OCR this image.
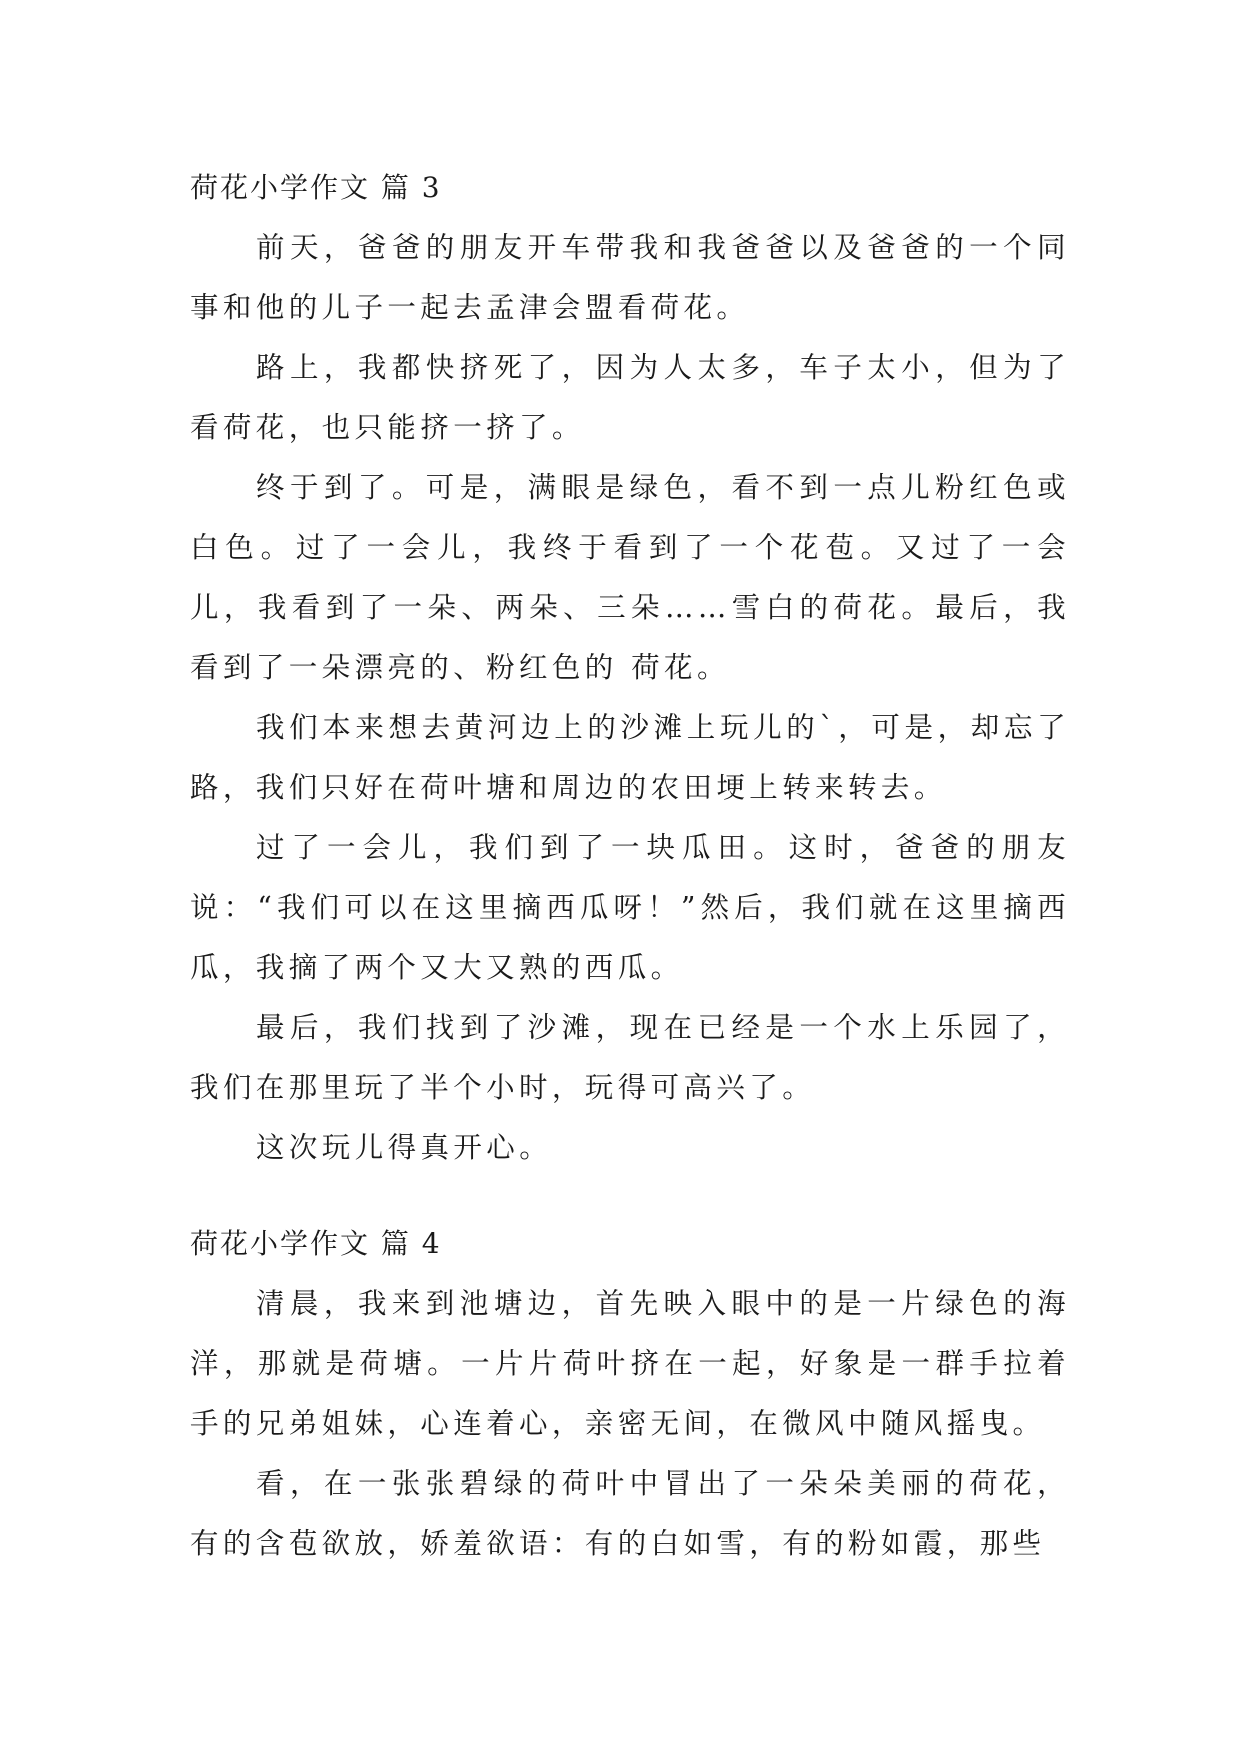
荷花小学作文 篇 3

前天，爸爸的朋友开车带我和我爸爸以及爸爸的一个同事和他的儿子一起去孟津会盟看荷花。

路上，我都快挤死了，因为人太多，车子太小，但为了看荷花，也只能挤一挤了。

终于到了。可是，满眼是绿色，看不到一点儿粉红色或白色。过了一会儿，我终于看到了一个花苞。又过了一会儿，我看到了一朵、两朵、三朵……雪白的荷花。最后，我看到了一朵漂亮的、粉红色的 荷花。

我们本来想去黄河边上的沙滩上玩儿的`，可是，却忘了路，我们只好在荷叶塘和周边的农田埂上转来转去。

过了一会儿，我们到了一块瓜田。这时，爸爸的朋友说：“我们可以在这里摘西瓜呀！”然后，我们就在这里摘西瓜，我摘了两个又大又熟的西瓜。

最后，我们找到了沙滩，现在已经是一个水上乐园了，我们在那里玩了半个小时，玩得可高兴了。

这次玩儿得真开心。

荷花小学作文 篇 4

清晨，我来到池塘边，首先映入眼中的是一片绿色的海洋，那就是荷塘。一片片荷叶挤在一起，好象是一群手拉着手的兄弟姐妹，心连着心，亲密无间，在微风中随风摇曳。

看，在一张张碧绿的荷叶中冒出了一朵朵美丽的荷花，有的含苞欲放，娇羞欲语：有的白如雪，有的粉如霞，那些
